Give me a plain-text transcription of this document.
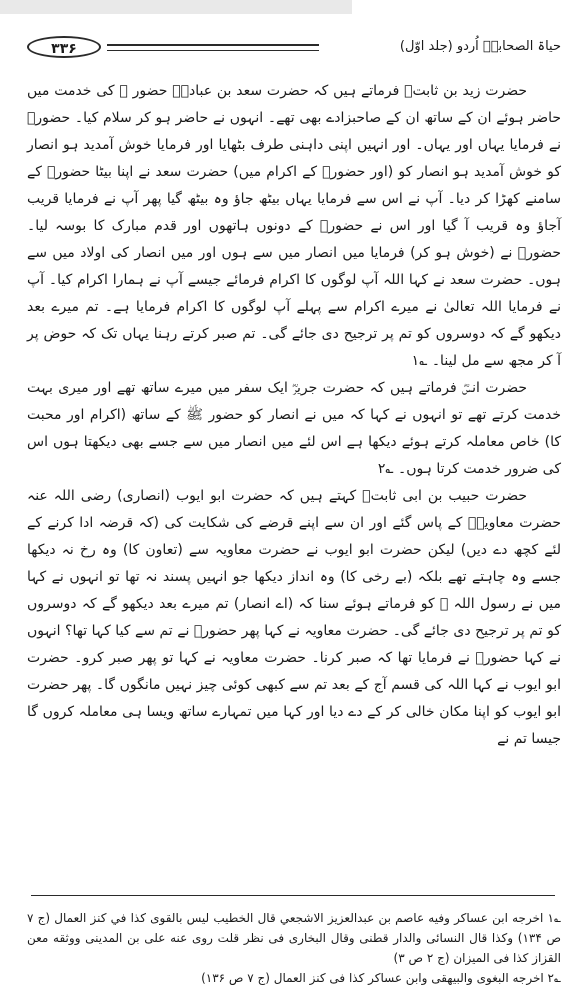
۳۳۶	حیاۃ الصحابہؓ اُردو (جلد اوّل)

حضرت زید بن ثابتؓ فرماتے ہیں کہ حضرت سعد بن عبادہؓ حضور ﷺ کی خدمت میں حاضر ہوئے ان کے ساتھ ان کے صاحبزادے بھی تھے۔ انہوں نے حاضر ہو کر سلام کیا۔ حضورؐ نے فرمایا یہاں اور یہاں۔ اور انہیں اپنی داہنی طرف بٹھایا اور فرمایا خوش آمدید ہو انصار کو خوش آمدید ہو انصار کو (اور حضورؐ کے اکرام میں) حضرت سعد نے اپنا بیٹا حضورؐ کے سامنے کھڑا کر دیا۔ آپ نے اس سے فرمایا یہاں بیٹھ جاؤ وہ بیٹھ گیا پھر آپ نے فرمایا قریب آجاؤ وہ قریب آ گیا اور اس نے حضورؐ کے دونوں ہاتھوں اور قدم مبارک کا بوسہ لیا۔ حضورؐ نے (خوش ہو کر) فرمایا میں انصار میں سے ہوں اور میں انصار کی اولاد میں سے ہوں۔ حضرت سعد نے کہا اللہ آپ لوگوں کا اکرام فرمائے جیسے آپ نے ہمارا اکرام کیا۔ آپ نے فرمایا اللہ تعالیٰ نے میرے اکرام سے پہلے آپ لوگوں کا اکرام فرمایا ہے۔ تم میرے بعد دیکھو گے کہ دوسروں کو تم پر ترجیح دی جائے گی۔ تم صبر کرتے رہنا یہاں تک کہ حوض پر آ کر مجھ سے مل لینا۔ ؎۱

حضرت انسؓ فرماتے ہیں کہ حضرت جریرؓ ایک سفر میں میرے ساتھ تھے اور میری بہت خدمت کرتے تھے تو انہوں نے کہا کہ میں نے انصار کو حضور ﷺ کے ساتھ (اکرام اور محبت کا) خاص معاملہ کرتے ہوئے دیکھا ہے اس لئے میں انصار میں سے جسے بھی دیکھتا ہوں اس کی ضرور خدمت کرتا ہوں۔ ؎۲

حضرت حبیب بن ابی ثابتؒ کہتے ہیں کہ حضرت ابو ایوب (انصاری) رضی اللہ عنہ حضرت معاویہؓ کے پاس گئے اور ان سے اپنے قرضے کی شکایت کی (کہ قرضہ ادا کرنے کے لئے کچھ دے دیں) لیکن حضرت ابو ایوب نے حضرت معاویہ سے (تعاون کا) وہ رخ نہ دیکھا جسے وہ چاہتے تھے بلکہ (بے رخی کا) وہ انداز دیکھا جو انہیں پسند نہ تھا تو انہوں نے کہا میں نے رسول اللہ ﷺ کو فرماتے ہوئے سنا کہ (اے انصار) تم میرے بعد دیکھو گے کہ دوسروں کو تم پر ترجیح دی جائے گی۔ حضرت معاویہ نے کہا پھر حضورؐ نے تم سے کیا کہا تھا؟ انہوں نے کہا حضورؐ نے فرمایا تھا کہ صبر کرنا۔ حضرت معاویہ نے کہا تو پھر صبر کرو۔ حضرت ابو ایوب نے کہا اللہ کی قسم آج کے بعد تم سے کبھی کوئی چیز نہیں مانگوں گا۔ پھر حضرت ابو ایوب کو اپنا مکان خالی کر کے دے دیا اور کہا میں تمہارے ساتھ ویسا ہی معاملہ کروں گا جیسا تم نے

؎۱ اخرجه ابن عساكر وفيه عاصم بن عبدالعزيز الاشجعي قال الخطيب ليس بالقوى كذا في كنز العمال (ج ۷ ص ۱۳۴) وكذا قال النسائى والدار قطنى وقال البخارى فى نظر قلت روى عنه على بن المدينى ووثقه معن القزاز كذا فى الميزان (ج ۲ ص ۳)

؎۲ اخرجه البغوى والبيهقى وابن عساكر كذا فى كنز العمال (ج ۷ ص ۱۳۶)
